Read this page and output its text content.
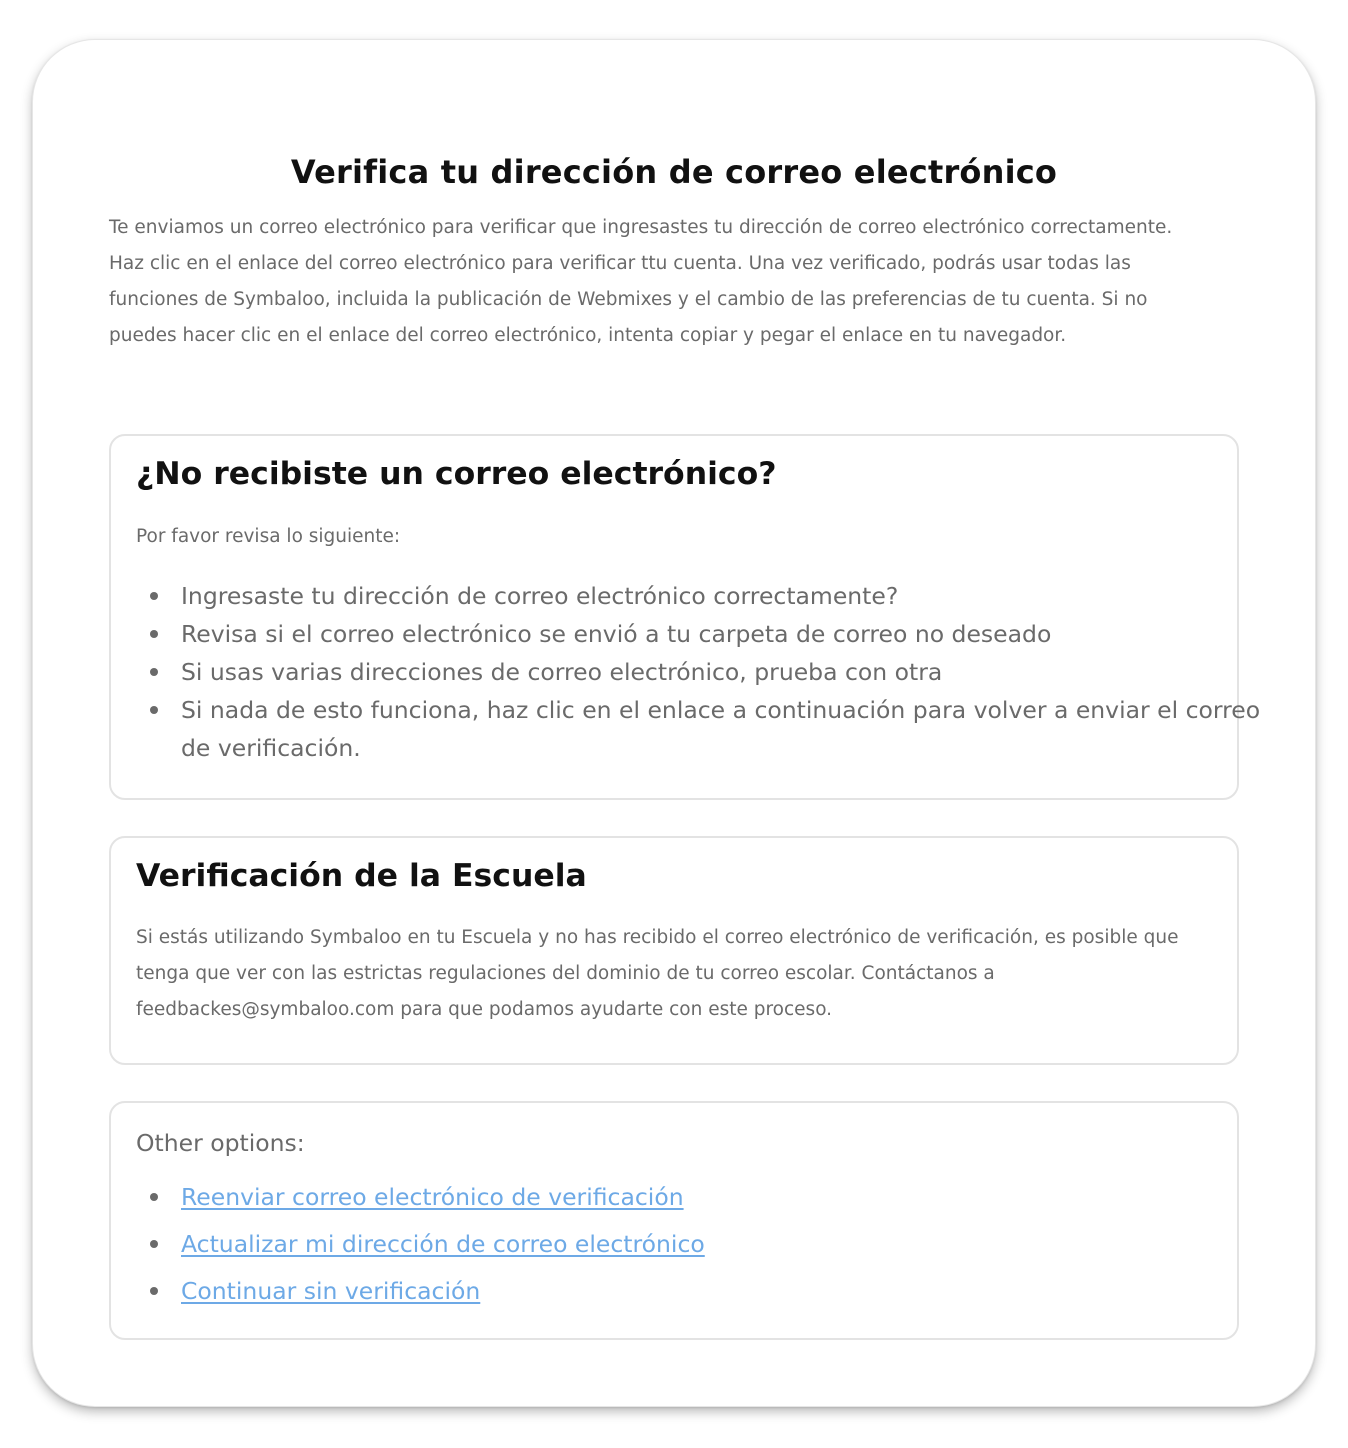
Verifica tu dirección de correo electrónico

Te enviamos un correo electrónico para verificar que ingresastes tu dirección de correo electrónico correctamente. Haz clic en el enlace del correo electrónico para verificar ttu cuenta. Una vez verificado, podrás usar todas las funciones de Symbaloo, incluida la publicación de Webmixes y el cambio de las preferencias de tu cuenta. Si no puedes hacer clic en el enlace del correo electrónico, intenta copiar y pegar el enlace en tu navegador.

¿No recibiste un correo electrónico?

Por favor revisa lo siguiente:

Ingresaste tu dirección de correo electrónico correctamente?
Revisa si el correo electrónico se envió a tu carpeta de correo no deseado
Si usas varias direcciones de correo electrónico, prueba con otra
Si nada de esto funciona, haz clic en el enlace a continuación para volver a enviar el correo de verificación.
Verificación de la Escuela

Si estás utilizando Symbaloo en tu Escuela y no has recibido el correo electrónico de verificación, es posible que tenga que ver con las estrictas regulaciones del dominio de tu correo escolar. Contáctanos a feedbackes@symbaloo.com para que podamos ayudarte con este proceso.

Other options:

Reenviar correo electrónico de verificación
Actualizar mi dirección de correo electrónico
Continuar sin verificación
